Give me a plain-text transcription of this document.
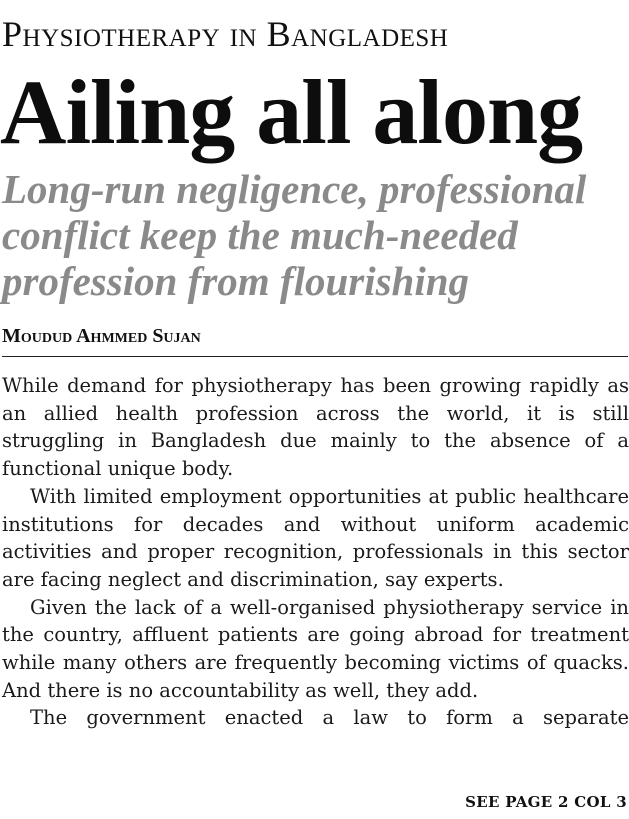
Physiotherapy in Bangladesh
Ailing all along
Long-run negligence, professional conflict keep the much-needed profession from flourishing
Moudud Ahmmed Sujan

While demand for physiotherapy has been growing rapidly as an allied health profession across the world, it is still struggling in Bangladesh due mainly to the absence of a functional unique body.

With limited employment opportunities at public healthcare institutions for decades and without uniform academic activities and proper recognition, professionals in this sector are facing neglect and discrimination, say experts.

Given the lack of a well-organised physiotherapy service in the country, affluent patients are going abroad for treatment while many others are frequently becoming victims of quacks. And there is no accountability as well, they add.

The government enacted a law to form a separate

SEE PAGE 2 COL 3
